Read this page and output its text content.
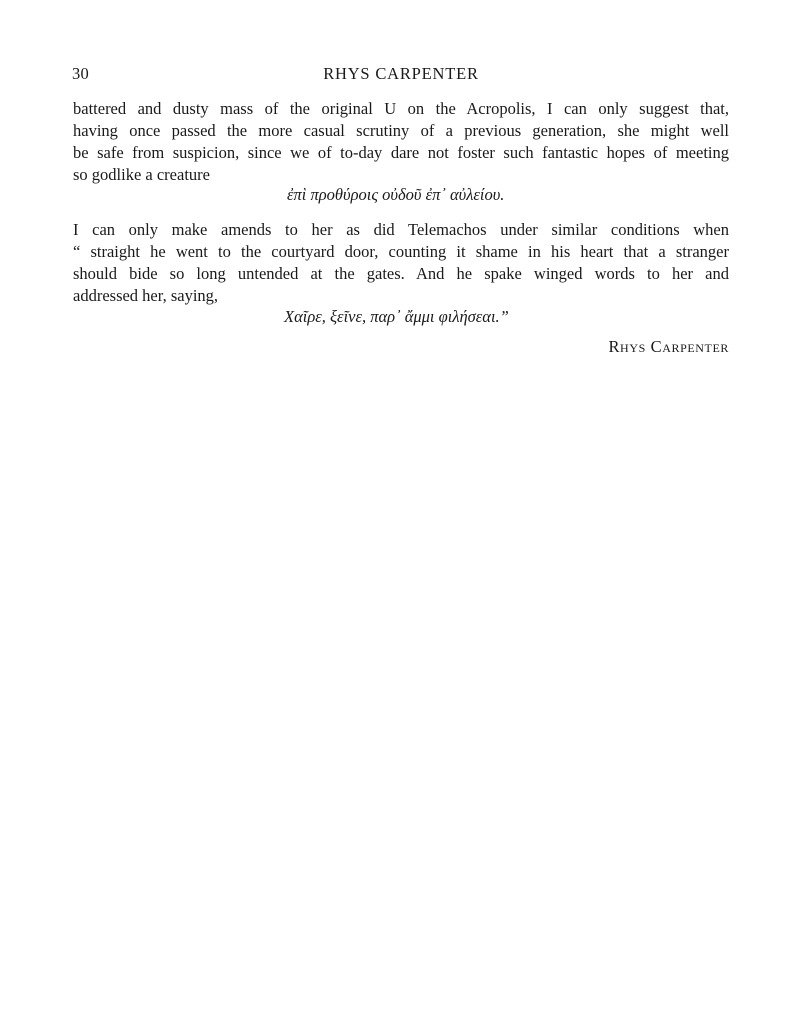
30	RHYS CARPENTER
battered and dusty mass of the original U on the Acropolis, I can only suggest that,
having once passed the more casual scrutiny of a previous generation, she might well
be safe from suspicion, since we of to-day dare not foster such fantastic hopes of meeting
so godlike a creature
ἐπὶ προθύροις οὐδοῦ ἐπ᾽ αὐλείου.
I can only make amends to her as did Telemachos under similar conditions when
“ straight he went to the courtyard door, counting it shame in his heart that a stranger
should bide so long untended at the gates. And he spake winged words to her and
addressed her, saying,
Χαῖρε, ξεῖνε, παρ᾽ ἄμμι φιλήσεαι.”
Rhys Carpenter
